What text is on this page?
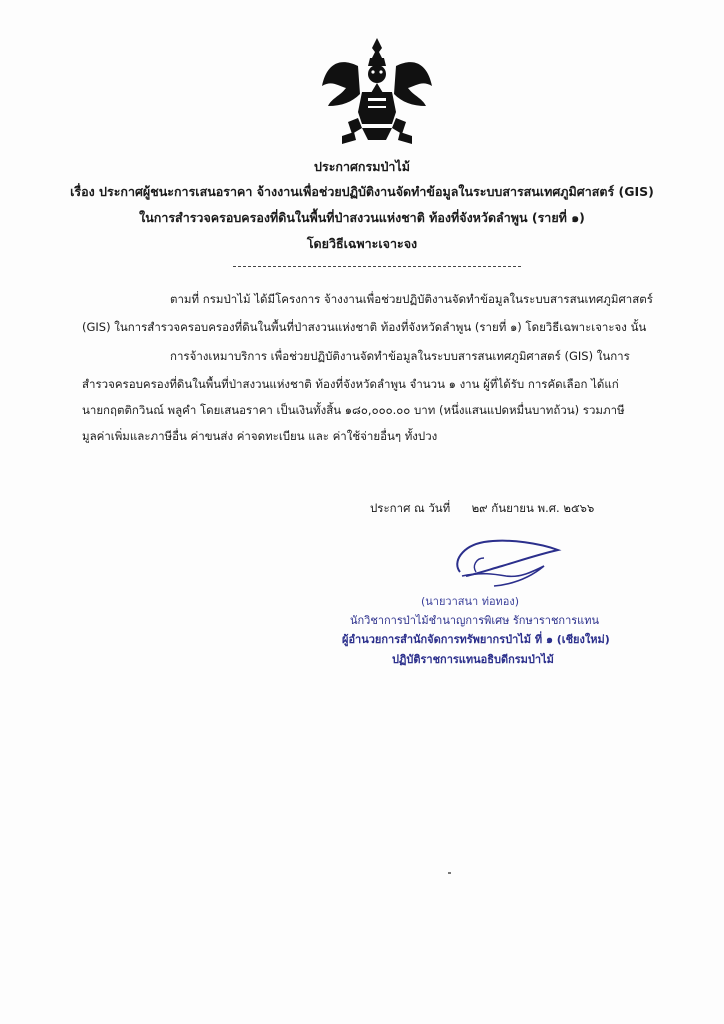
ประกาศกรมป่าไม้
เรื่อง ประกาศผู้ชนะการเสนอราคา จ้างงานเพื่อช่วยปฏิบัติงานจัดทำข้อมูลในระบบสารสนเทศภูมิศาสตร์ (GIS)
ในการสำรวจครอบครองที่ดินในพื้นที่ป่าสงวนแห่งชาติ ท้องที่จังหวัดลำพูน (รายที่ ๑)
โดยวิธีเฉพาะเจาะจง
ตามที่ กรมป่าไม้ ได้มีโครงการ จ้างงานเพื่อช่วยปฏิบัติงานจัดทำข้อมูลในระบบสารสนเทศภูมิศาสตร์
(GIS) ในการสำรวจครอบครองที่ดินในพื้นที่ป่าสงวนแห่งชาติ ท้องที่จังหวัดลำพูน (รายที่ ๑) โดยวิธีเฉพาะเจาะจง นั้น
การจ้างเหมาบริการ เพื่อช่วยปฏิบัติงานจัดทำข้อมูลในระบบสารสนเทศภูมิศาสตร์ (GIS) ในการ
สำรวจครอบครองที่ดินในพื้นที่ป่าสงวนแห่งชาติ ท้องที่จังหวัดลำพูน จำนวน ๑ งาน ผู้ที่ได้รับ การคัดเลือก ได้แก่
นายกฤตติกวินณ์ พลูคำ โดยเสนอราคา เป็นเงินทั้งสิ้น ๑๘๐,๐๐๐.๐๐ บาท (หนึ่งแสนแปดหมื่นบาทถ้วน) รวมภาษี
มูลค่าเพิ่มและภาษีอื่น ค่าขนส่ง ค่าจดทะเบียน และ ค่าใช้จ่ายอื่นๆ ทั้งปวง
ประกาศ ณ วันที่ ๒๙ กันยายน พ.ศ. ๒๕๖๖
(นายวาสนา ท่อทอง)
นักวิชาการป่าไม้ชำนาญการพิเศษ รักษาราชการแทน
ผู้อำนวยการสำนักจัดการทรัพยากรป่าไม้ ที่ ๑ (เชียงใหม่)
ปฏิบัติราชการแทนอธิบดีกรมป่าไม้
